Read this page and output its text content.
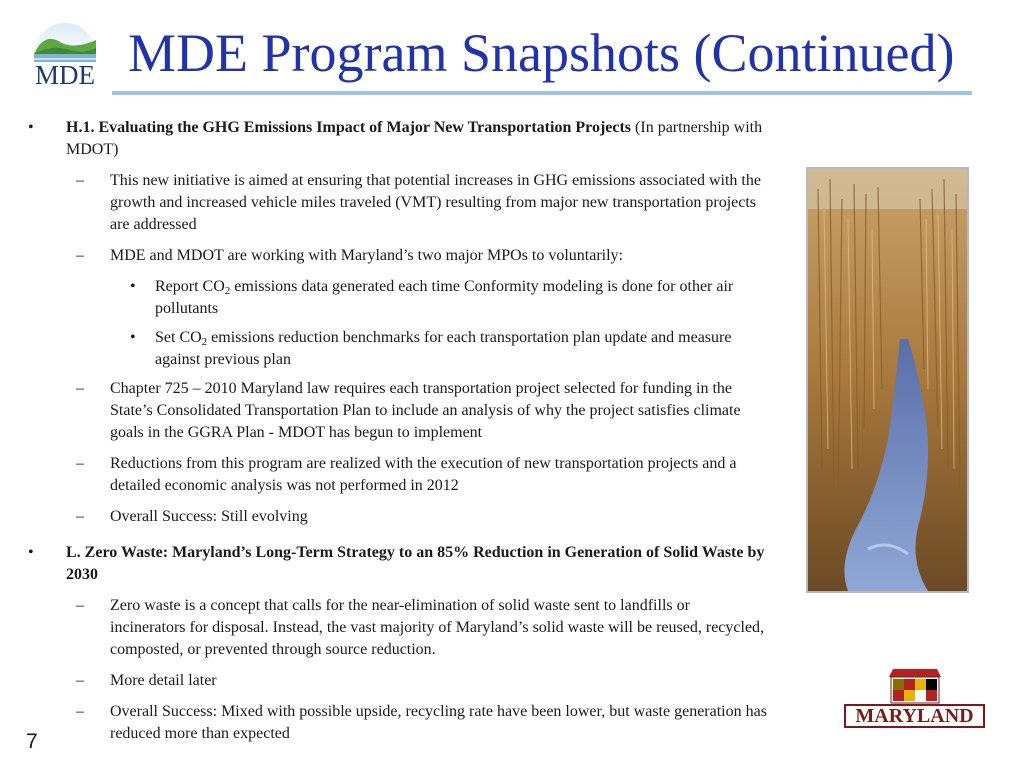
MDE MDE Program Snapshots (Continued)
• H.1. Evaluating the GHG Emissions Impact of Major New Transportation Projects (In partnership with MDOT)
– This new initiative is aimed at ensuring that potential increases in GHG emissions associated with the growth and increased vehicle miles traveled (VMT) resulting from major new transportation projects are addressed
– MDE and MDOT are working with Maryland’s two major MPOs to voluntarily:
• Report $CO_2$ emissions data generated each time Conformity modeling is done for other air pollutants
• Set $CO_2$ emissions reduction benchmarks for each transportation plan update and measure against previous plan
– Chapter 725 – 2010 Maryland law requires each transportation project selected for funding in the State’s Consolidated Transportation Plan to include an analysis of why the project satisfies climate goals in the GGRA Plan - MDOT has begun to implement
– Reductions from this program are realized with the execution of new transportation projects and a detailed economic analysis was not performed in 2012
– Overall Success: Still evolving
• L. Zero Waste: Maryland’s Long-Term Strategy to an 85% Reduction in Generation of Solid Waste by 2030
– Zero waste is a concept that calls for the near-elimination of solid waste sent to landfills or incinerators for disposal. Instead, the vast majority of Maryland’s solid waste will be reused, recycled, composted, or prevented through source reduction.
– More detail later
– Overall Success: Mixed with possible upside, recycling rate have been lower, but waste generation has reduced more than expected
7
MARYLAND
